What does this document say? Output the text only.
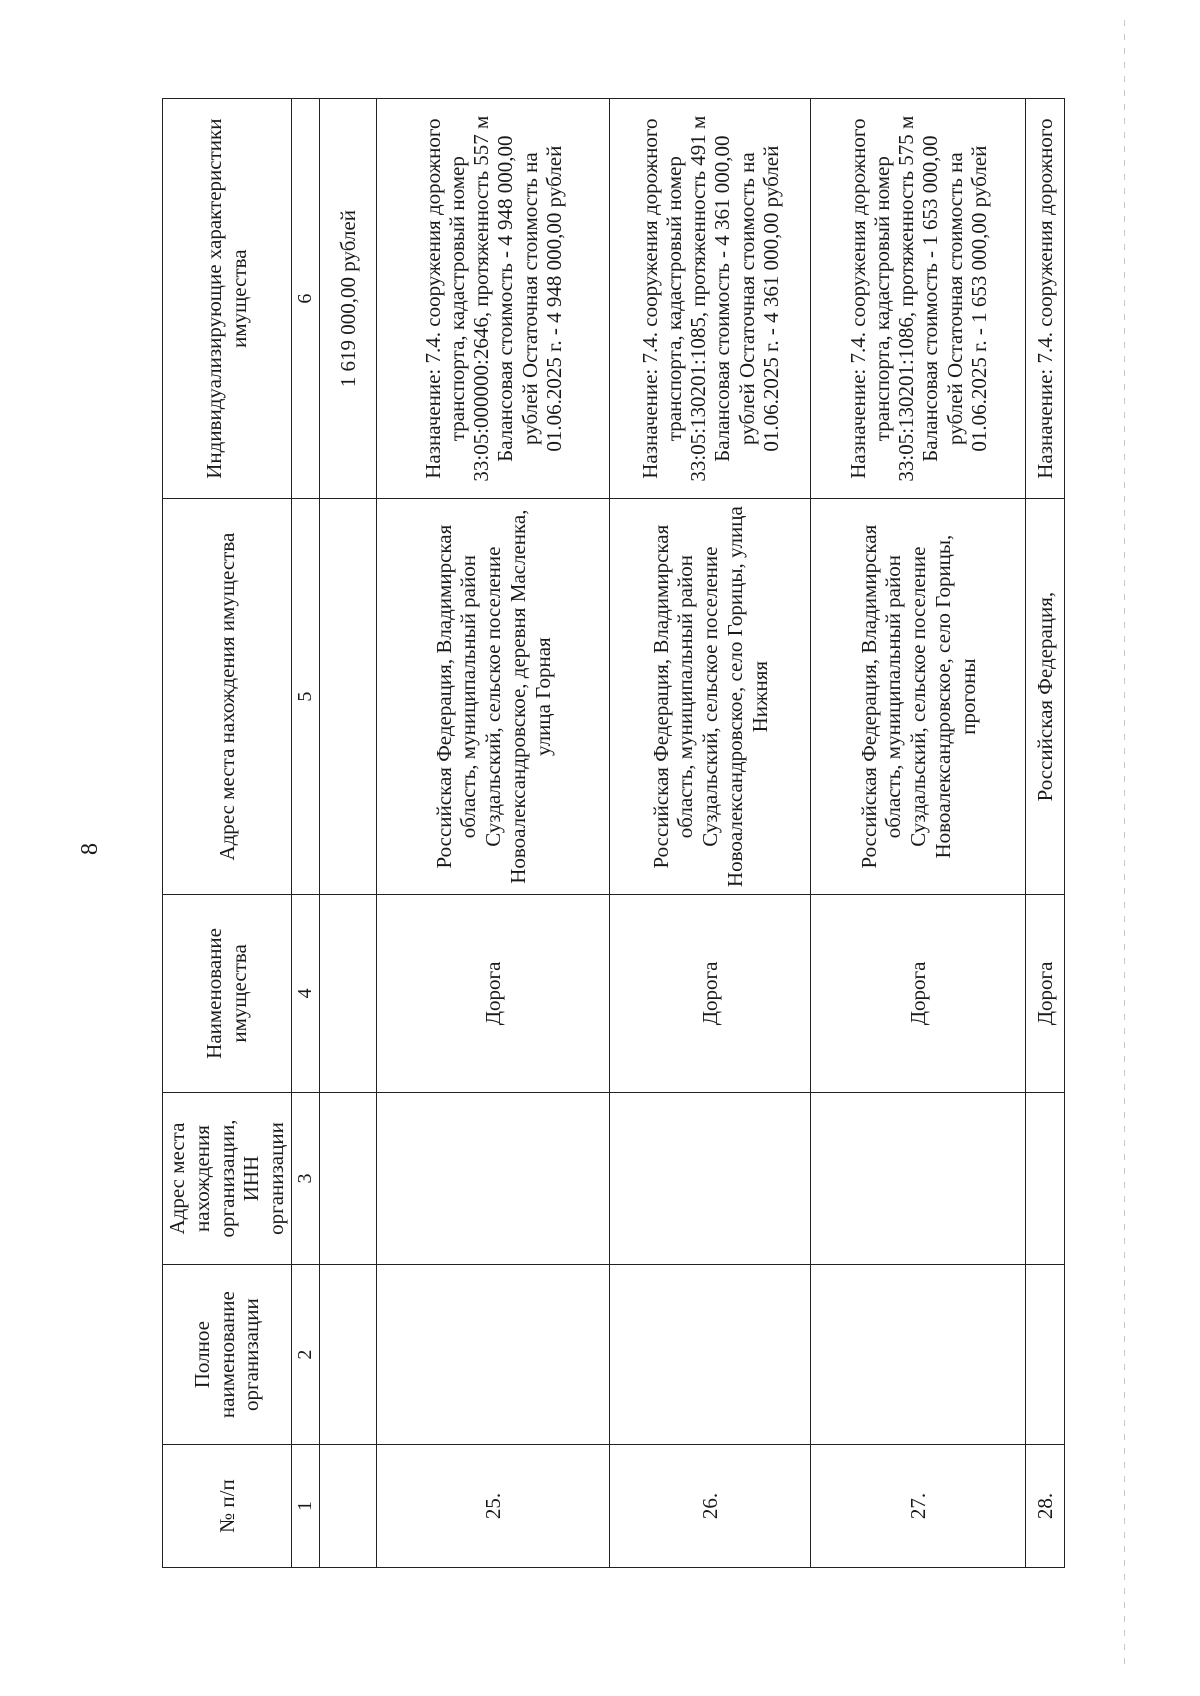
8
№ п/п	Полное наименование организации	Адрес места нахождения организации, ИНН организации	Наименование имущества	Адрес места нахождения имущества	Индивидуализирующие характеристики имущества
1	2	3	4	5	6
					1 619 000,00 рублей
25.			Дорога	Российская Федерация, Владимирская область, муниципальный район Суздальский, сельское поселение Новоалександровское, деревня Масленка, улица Горная	Назначение: 7.4. сооружения дорожного транспорта, кадастровый номер 33:05:000000:2646, протяженность 557 м Балансовая стоимость - 4 948 000,00 рублей Остаточная стоимость на 01.06.2025 г. - 4 948 000,00 рублей
26.			Дорога	Российская Федерация, Владимирская область, муниципальный район Суздальский, сельское поселение Новоалександровское, село Горицы, улица Нижняя	Назначение: 7.4. сооружения дорожного транспорта, кадастровый номер 33:05:130201:1085, протяженность 491 м Балансовая стоимость - 4 361 000,00 рублей Остаточная стоимость на 01.06.2025 г. - 4 361 000,00 рублей
27.			Дорога	Российская Федерация, Владимирская область, муниципальный район Суздальский, сельское поселение Новоалександровское, село Горицы, прогоны	Назначение: 7.4. сооружения дорожного транспорта, кадастровый номер 33:05:130201:1086, протяженность 575 м Балансовая стоимость - 1 653 000,00 рублей Остаточная стоимость на 01.06.2025 г. - 1 653 000,00 рублей
28.			Дорога	Российская Федерация,	Назначение: 7.4. сооружения дорожного
